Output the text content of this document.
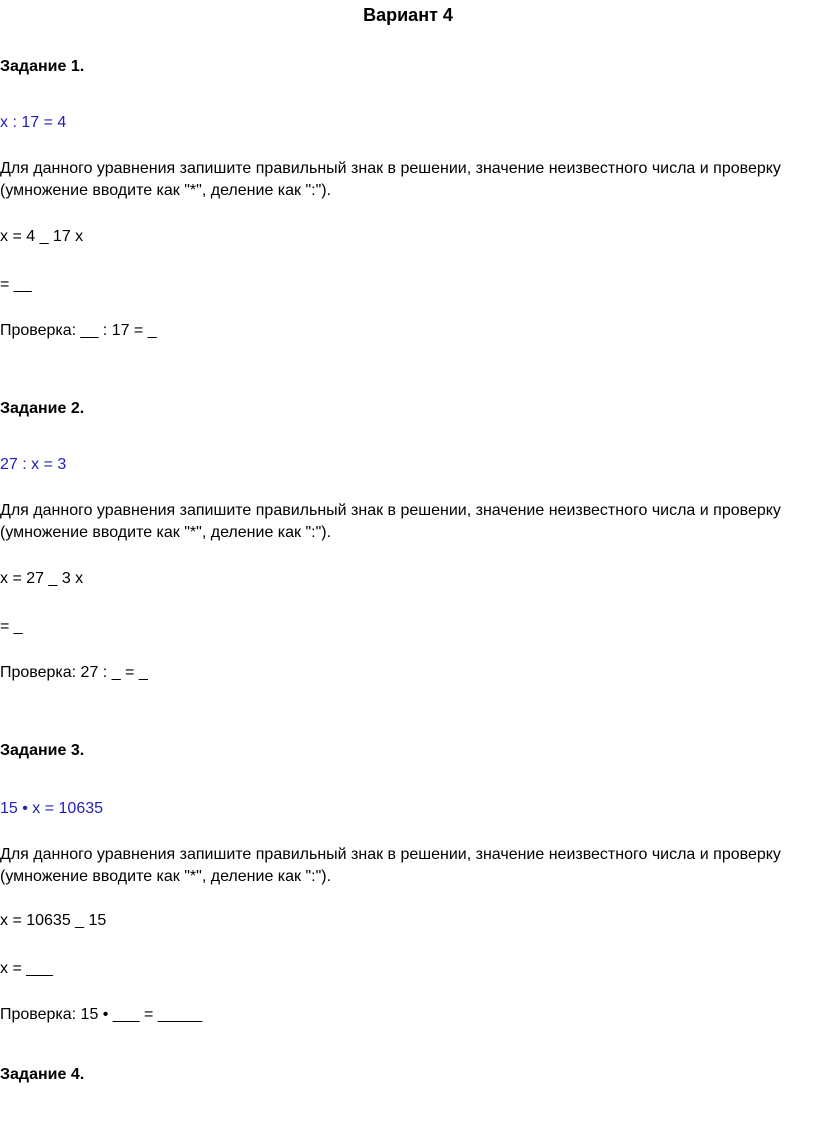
Вариант 4
Задание 1.
x : 17 = 4
Для данного уравнения запишите правильный знак в решении, значение неизвестного числа и проверку (умножение вводите как "*", деление как ":").
x = 4 _ 17 x
= __
Проверка: __ : 17 = _
Задание 2.
27 : x = 3
Для данного уравнения запишите правильный знак в решении, значение неизвестного числа и проверку (умножение вводите как "*", деление как ":").
x = 27 _ 3 x
= _
Проверка: 27 : _ = _
Задание 3.
15 • x = 10635
Для данного уравнения запишите правильный знак в решении, значение неизвестного числа и проверку (умножение вводите как "*", деление как ":").
x = 10635 _ 15
x = ___
Проверка: 15 • ___ = _____
Задание 4.
